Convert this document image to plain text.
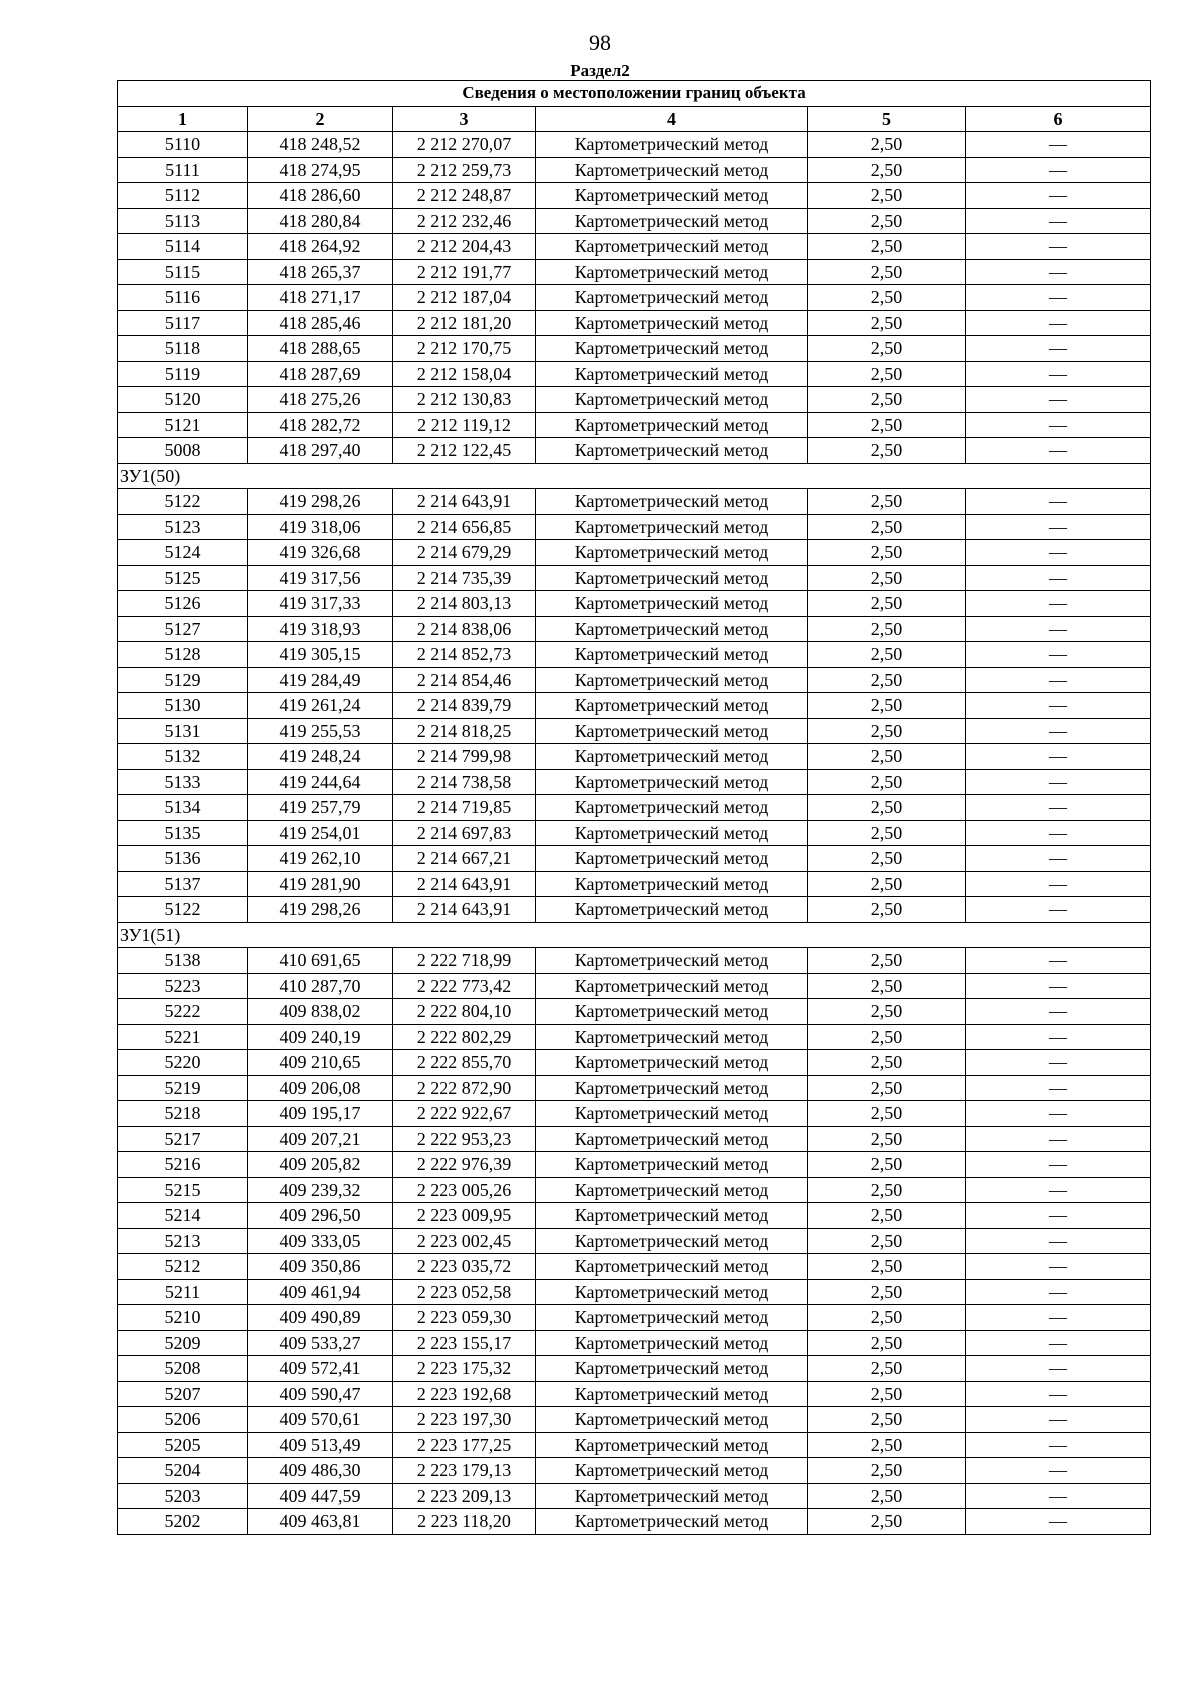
98
Раздел2
Сведения о местоположении границ объекта					
1	2	3	4	5	6
5110	418 248,52	2 212 270,07	Картометрический метод	2,50	—
5111	418 274,95	2 212 259,73	Картометрический метод	2,50	—
5112	418 286,60	2 212 248,87	Картометрический метод	2,50	—
5113	418 280,84	2 212 232,46	Картометрический метод	2,50	—
5114	418 264,92	2 212 204,43	Картометрический метод	2,50	—
5115	418 265,37	2 212 191,77	Картометрический метод	2,50	—
5116	418 271,17	2 212 187,04	Картометрический метод	2,50	—
5117	418 285,46	2 212 181,20	Картометрический метод	2,50	—
5118	418 288,65	2 212 170,75	Картометрический метод	2,50	—
5119	418 287,69	2 212 158,04	Картометрический метод	2,50	—
5120	418 275,26	2 212 130,83	Картометрический метод	2,50	—
5121	418 282,72	2 212 119,12	Картометрический метод	2,50	—
5008	418 297,40	2 212 122,45	Картометрический метод	2,50	—
ЗУ1(50)					
5122	419 298,26	2 214 643,91	Картометрический метод	2,50	—
5123	419 318,06	2 214 656,85	Картометрический метод	2,50	—
5124	419 326,68	2 214 679,29	Картометрический метод	2,50	—
5125	419 317,56	2 214 735,39	Картометрический метод	2,50	—
5126	419 317,33	2 214 803,13	Картометрический метод	2,50	—
5127	419 318,93	2 214 838,06	Картометрический метод	2,50	—
5128	419 305,15	2 214 852,73	Картометрический метод	2,50	—
5129	419 284,49	2 214 854,46	Картометрический метод	2,50	—
5130	419 261,24	2 214 839,79	Картометрический метод	2,50	—
5131	419 255,53	2 214 818,25	Картометрический метод	2,50	—
5132	419 248,24	2 214 799,98	Картометрический метод	2,50	—
5133	419 244,64	2 214 738,58	Картометрический метод	2,50	—
5134	419 257,79	2 214 719,85	Картометрический метод	2,50	—
5135	419 254,01	2 214 697,83	Картометрический метод	2,50	—
5136	419 262,10	2 214 667,21	Картометрический метод	2,50	—
5137	419 281,90	2 214 643,91	Картометрический метод	2,50	—
5122	419 298,26	2 214 643,91	Картометрический метод	2,50	—
ЗУ1(51)					
5138	410 691,65	2 222 718,99	Картометрический метод	2,50	—
5223	410 287,70	2 222 773,42	Картометрический метод	2,50	—
5222	409 838,02	2 222 804,10	Картометрический метод	2,50	—
5221	409 240,19	2 222 802,29	Картометрический метод	2,50	—
5220	409 210,65	2 222 855,70	Картометрический метод	2,50	—
5219	409 206,08	2 222 872,90	Картометрический метод	2,50	—
5218	409 195,17	2 222 922,67	Картометрический метод	2,50	—
5217	409 207,21	2 222 953,23	Картометрический метод	2,50	—
5216	409 205,82	2 222 976,39	Картометрический метод	2,50	—
5215	409 239,32	2 223 005,26	Картометрический метод	2,50	—
5214	409 296,50	2 223 009,95	Картометрический метод	2,50	—
5213	409 333,05	2 223 002,45	Картометрический метод	2,50	—
5212	409 350,86	2 223 035,72	Картометрический метод	2,50	—
5211	409 461,94	2 223 052,58	Картометрический метод	2,50	—
5210	409 490,89	2 223 059,30	Картометрический метод	2,50	—
5209	409 533,27	2 223 155,17	Картометрический метод	2,50	—
5208	409 572,41	2 223 175,32	Картометрический метод	2,50	—
5207	409 590,47	2 223 192,68	Картометрический метод	2,50	—
5206	409 570,61	2 223 197,30	Картометрический метод	2,50	—
5205	409 513,49	2 223 177,25	Картометрический метод	2,50	—
5204	409 486,30	2 223 179,13	Картометрический метод	2,50	—
5203	409 447,59	2 223 209,13	Картометрический метод	2,50	—
5202	409 463,81	2 223 118,20	Картометрический метод	2,50	—
